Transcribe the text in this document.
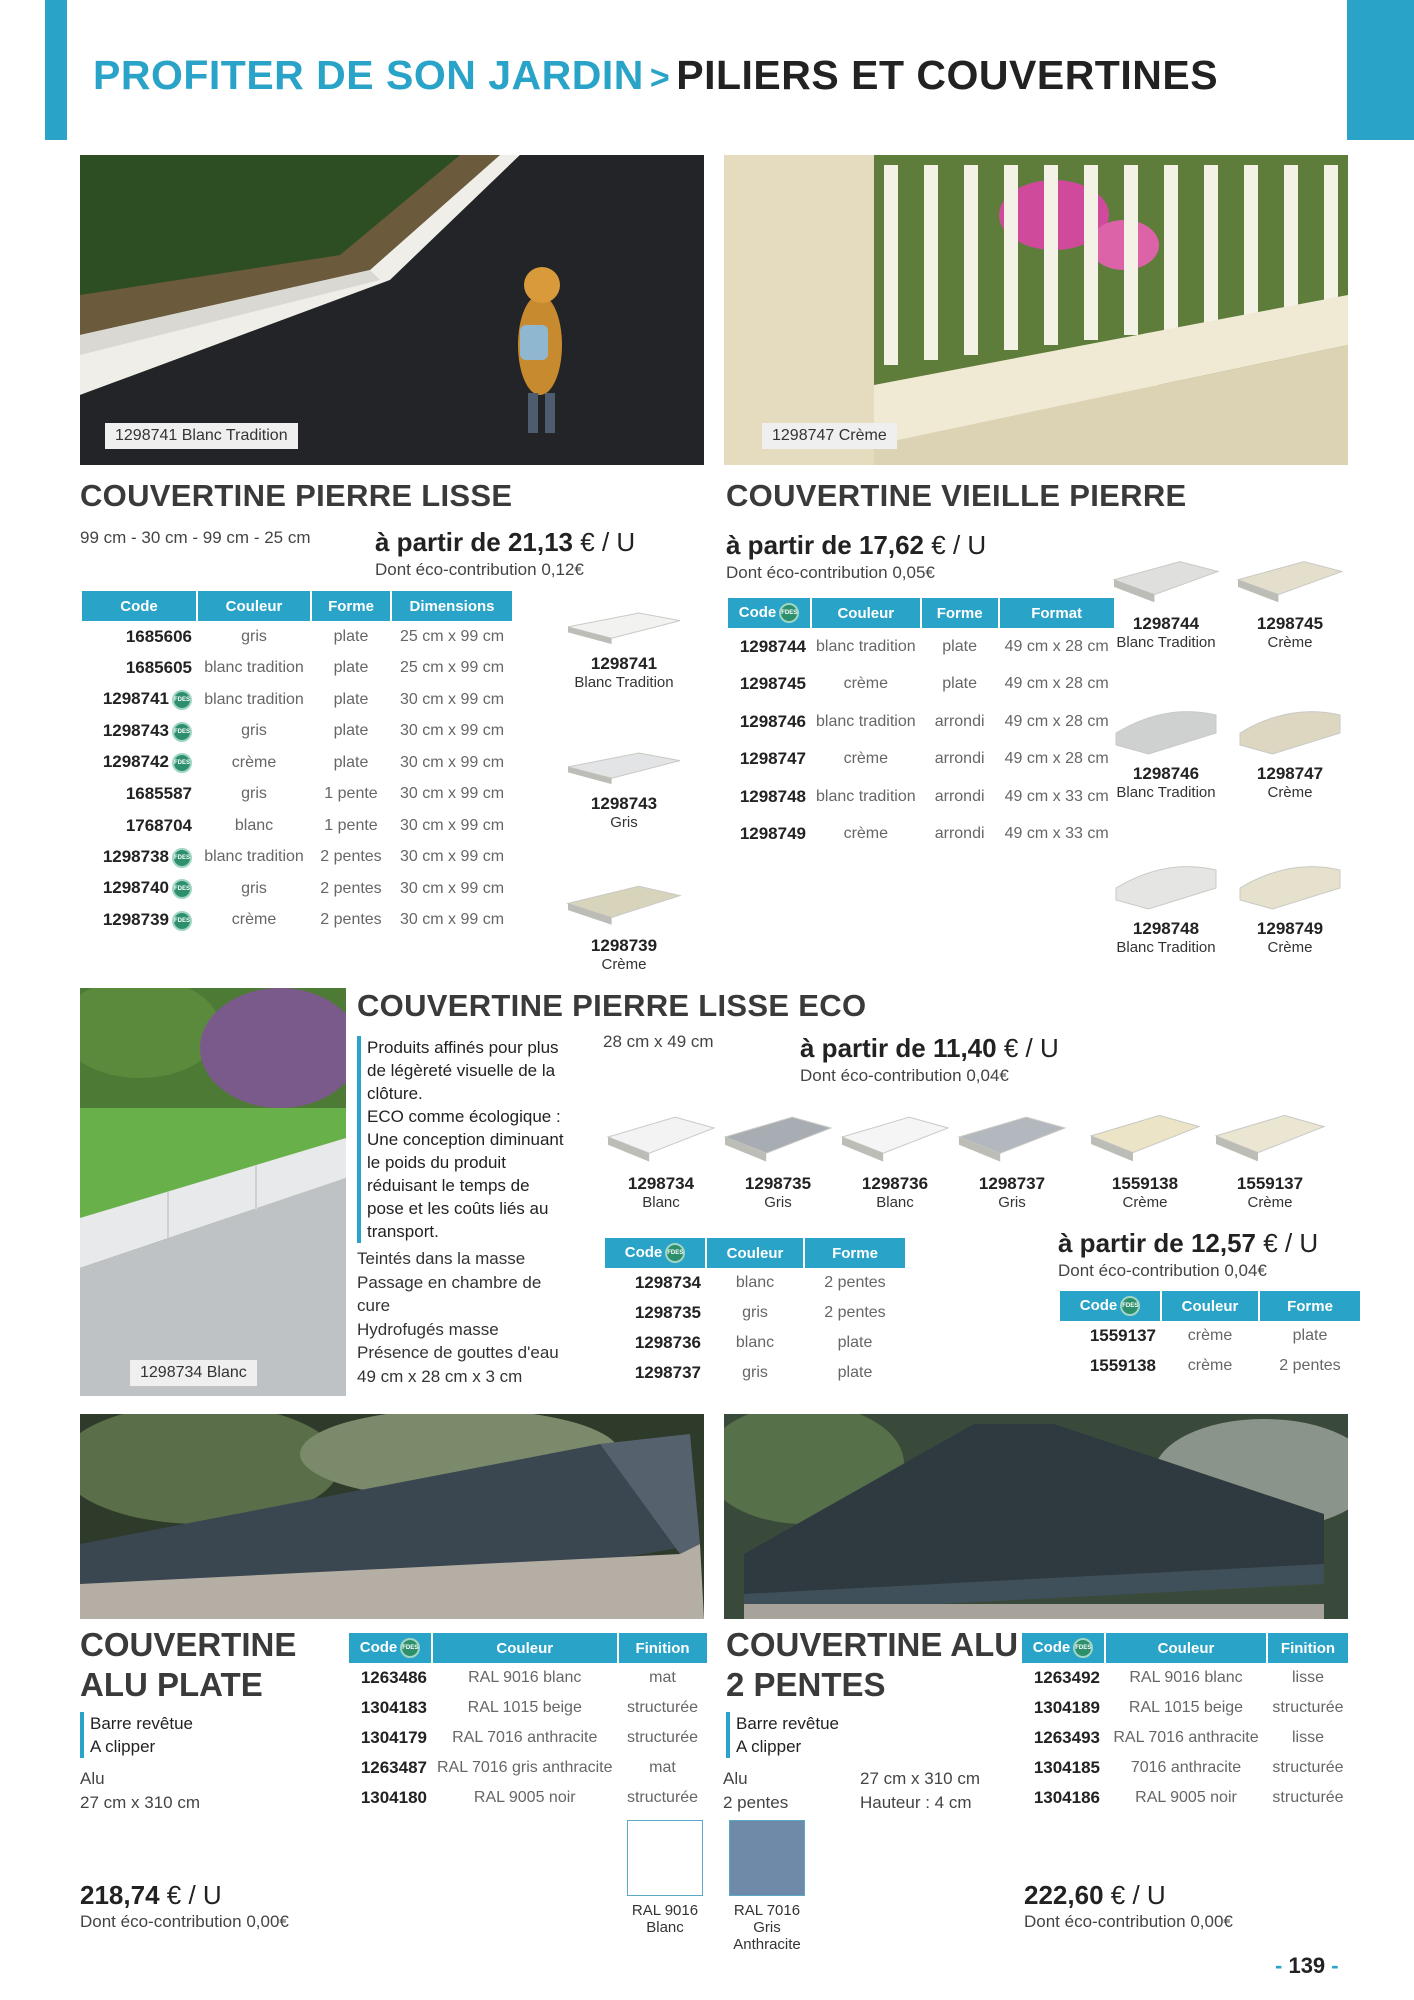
PROFITER DE SON JARDIN > PILIERS ET COUVERTINES
1298741 Blanc Tradition	1298747 Crème
COUVERTINE PIERRE LISSE
99 cm - 30 cm - 99 cm - 25 cm à partir de 21,13 € / U
Dont éco-contribution 0,12€
Code	Couleur	Forme	Dimensions
1685606	gris	plate	25 cm x 99 cm
1685605	blanc tradition	plate	25 cm x 99 cm
1298741 FDES	blanc tradition	plate	30 cm x 99 cm
1298743 FDES	gris	plate	30 cm x 99 cm
1298742 FDES	crème	plate	30 cm x 99 cm
1685587	gris	1 pente	30 cm x 99 cm
1768704	blanc	1 pente	30 cm x 99 cm
1298738 FDES	blanc tradition	2 pentes	30 cm x 99 cm
1298740 FDES	gris	2 pentes	30 cm x 99 cm
1298739 FDES	crème	2 pentes	30 cm x 99 cm
1298741
Blanc Tradition
1298743
Gris
1298739
Crème
COUVERTINE VIEILLE PIERRE
à partir de 17,62 € / U
Dont éco-contribution 0,05€
Code FDES	Couleur	Forme	Format
1298744	blanc tradition	plate	49 cm x 28 cm
1298745	crème	plate	49 cm x 28 cm
1298746	blanc tradition	arrondi	49 cm x 28 cm
1298747	crème	arrondi	49 cm x 28 cm
1298748	blanc tradition	arrondi	49 cm x 33 cm
1298749	crème	arrondi	49 cm x 33 cm
1298744
Blanc Tradition
1298745
Crème
1298746
Blanc Tradition
1298747
Crème
1298748
Blanc Tradition
1298749
Crème
1298734 Blanc
COUVERTINE PIERRE LISSE ECO
28 cm x 49 cm
Produits affinés pour plus
de légèreté visuelle de la
clôture.
ECO comme écologique :
Une conception diminuant
le poids du produit
réduisant le temps de
pose et les coûts liés au
transport.
Teintés dans la masse
Passage en chambre de
cure
Hydrofugés masse
Présence de gouttes d'eau
49 cm x 28 cm x 3 cm
à partir de 11,40 € / U
Dont éco-contribution 0,04€
1298734
Blanc
1298735
Gris
1298736
Blanc
1298737
Gris
1559138
Crème
1559137
Crème
à partir de 12,57 € / U
Dont éco-contribution 0,04€
Code FDES	Couleur	Forme
1298734	blanc	2 pentes
1298735	gris	2 pentes
1298736	blanc	plate
1298737	gris	plate
Code FDES	Couleur	Forme
1559137	crème	plate
1559138	crème	2 pentes
COUVERTINE
ALU PLATE
Barre revêtue
A clipper
Alu
27 cm x 310 cm
218,74 € / U
Dont éco-contribution 0,00€
Code FDES	Couleur	Finition
1263486	RAL 9016 blanc	mat
1304183	RAL 1015 beige	structurée
1304179	RAL 7016 anthracite	structurée
1263487	RAL 7016 gris anthracite	mat
1304180	RAL 9005 noir	structurée
RAL 9016
Blanc
RAL 7016 Gris
Anthracite
COUVERTINE ALU
2 PENTES
Barre revêtue
A clipper
Alu
2 pentes
27 cm x 310 cm
Hauteur : 4 cm
222,60 € / U
Dont éco-contribution 0,00€
Code FDES	Couleur	Finition
1263492	RAL 9016 blanc	lisse
1304189	RAL 1015 beige	structurée
1263493	RAL 7016 anthracite	lisse
1304185	7016 anthracite	structurée
1304186	RAL 9005 noir	structurée
- 139 -
